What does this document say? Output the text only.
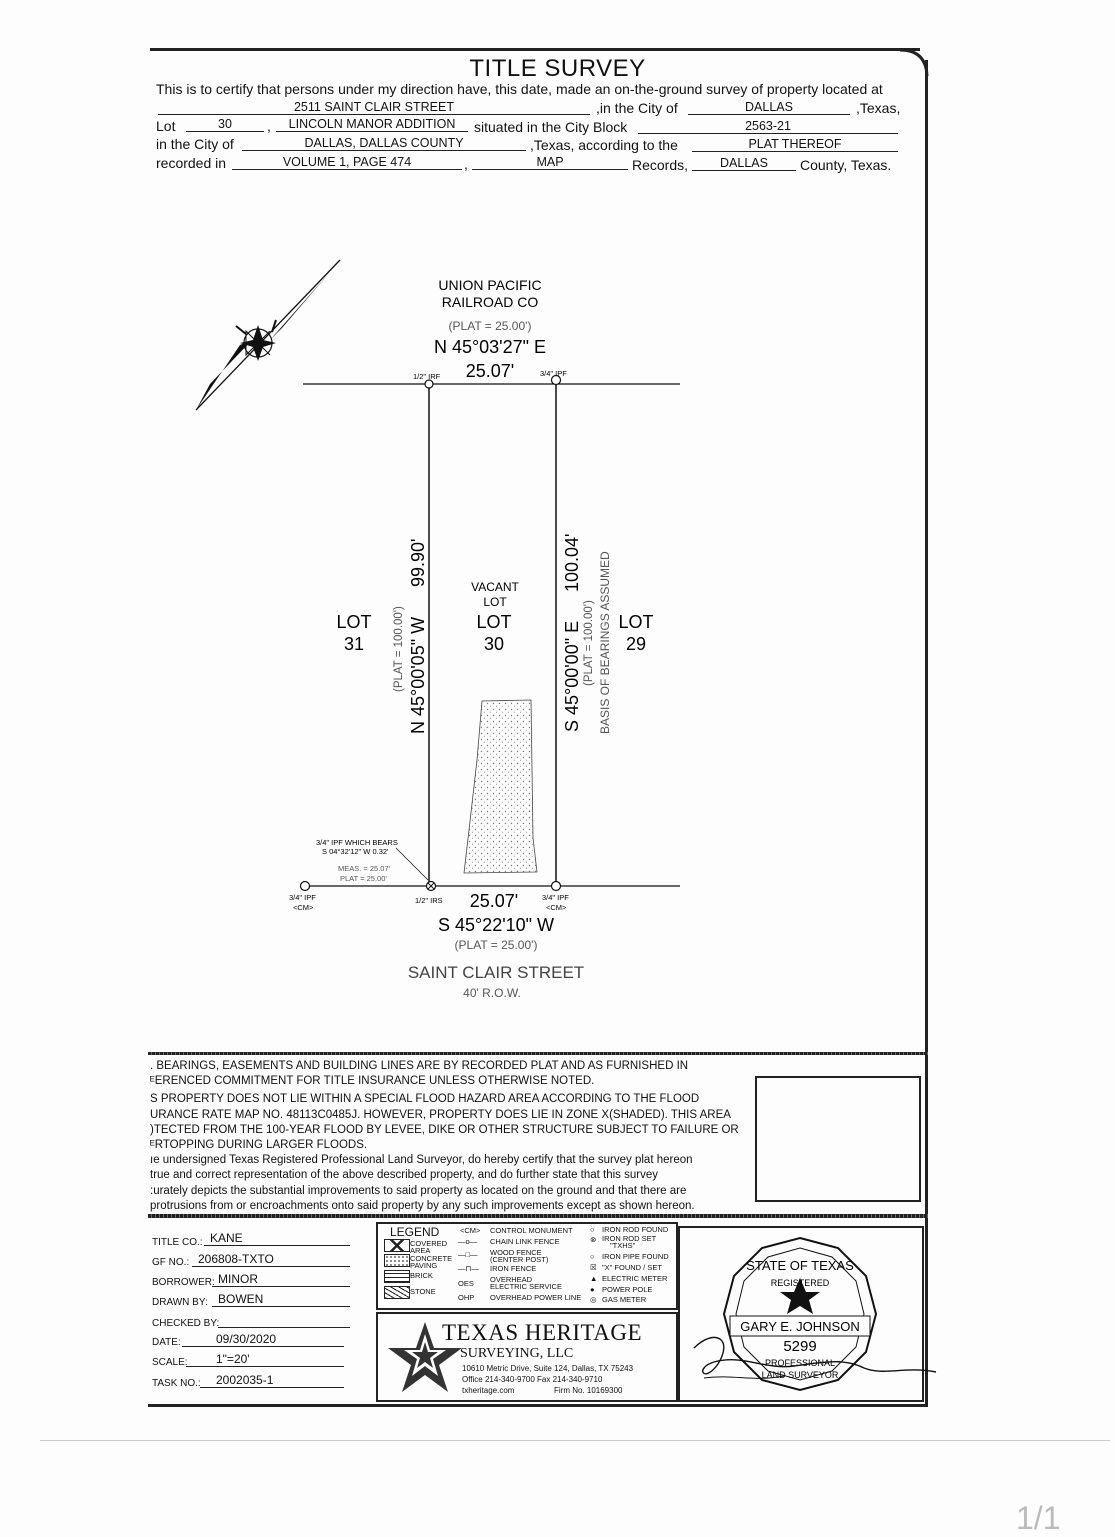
TITLE SURVEY
This is to certify that persons under my direction have, this date, made an on-the-ground survey of property located at
2511 SAINT CLAIR STREET	,in the City of	DALLAS	,Texas,
Lot	30	,	LINCOLN MANOR ADDITION	situated in the City Block	2563-21
in the City of	DALLAS, DALLAS COUNTY	,Texas, according to the	PLAT THEREOF
recorded in	VOLUME 1, PAGE 474	,	MAP	Records,	DALLAS	County, Texas.
UNION PACIFIC
RAILROAD CO
(PLAT = 25.00')
N 45°03'27" E
25.07'
1/2" IRF	3/4" IPF
N 45°00'05" W
99.90'
(PLAT = 100.00')	S 45°00'00" E
100.04'
(PLAT = 100.00') BASIS OF BEARINGS ASSUMED
LOT
31
LOT
29
VACANT
LOT
LOT
30
3/4" IPF WHICH BEARS
S 04°32'12" W 0.32'
MEAS. = 25.07'
PLAT = 25.00'
3/4" IPF
<CM>
1/2" IRS 25.07'	3/4" IPF
<CM>
S 45°22'10" W
(PLAT = 25.00')
SAINT CLAIR STREET
40' R.O.W.

. BEARINGS, EASEMENTS AND BUILDING LINES ARE BY RECORDED PLAT AND AS FURNISHED IN

ᴱERENCED COMMITMENT FOR TITLE INSURANCE UNLESS OTHERWISE NOTED.

S PROPERTY DOES NOT LIE WITHIN A SPECIAL FLOOD HAZARD AREA ACCORDING TO THE FLOOD

URANCE RATE MAP NO. 48113C0485J. HOWEVER, PROPERTY DOES LIE IN ZONE X(SHADED). THIS AREA

)TECTED FROM THE 100-YEAR FLOOD BY LEVEE, DIKE OR OTHER STRUCTURE SUBJECT TO FAILURE OR

ᴱRTOPPING DURING LARGER FLOODS.

ıe undersigned Texas Registered Professional Land Surveyor, do hereby certify that the survey plat hereon

true and correct representation of the above described property, and do further state that this survey

:urately depicts the substantial improvements to said property as located on the ground and that there are

protrusions from or encroachments onto said property by any such improvements except as shown hereon.

TITLE CO.: KANE
GF NO.: 206808-TXTO
BORROWER: MINOR
DRAWN BY: BOWEN
CHECKED BY:
DATE:	09/30/2020
SCALE:	1"=20'
TASK NO.:	2002035-1
LEGEND
COVERED
AREA
CONCRETE
PAVING
BRICK
STONE
<CM> CONTROL MONUMENT
—o— CHAIN LINK FENCE
—□— WOOD FENCE
(CENTER POST)
—⊓— IRON FENCE
OES OVERHEAD
ELECTRIC SERVICE
OHP OVERHEAD POWER LINE
○ IRON ROD FOUND
⊗ IRON ROD SET
"TXHS"
○ IRON PIPE FOUND
☒ "X" FOUND / SET
▲ ELECTRIC METER
● POWER POLE
◎ GAS METER
TEXAS HERITAGE
SURVEYING, LLC
10610 Metric Drive, Suite 124, Dallas, TX 75243
Office 214-340-9700 Fax 214-340-9710
txheritage.com	Firm No. 10169300
STATE OF TEXAS
REGISTERED
GARY E. JOHNSON
5299
PROFESSIONAL
LAND SURVEYOR
1/1
